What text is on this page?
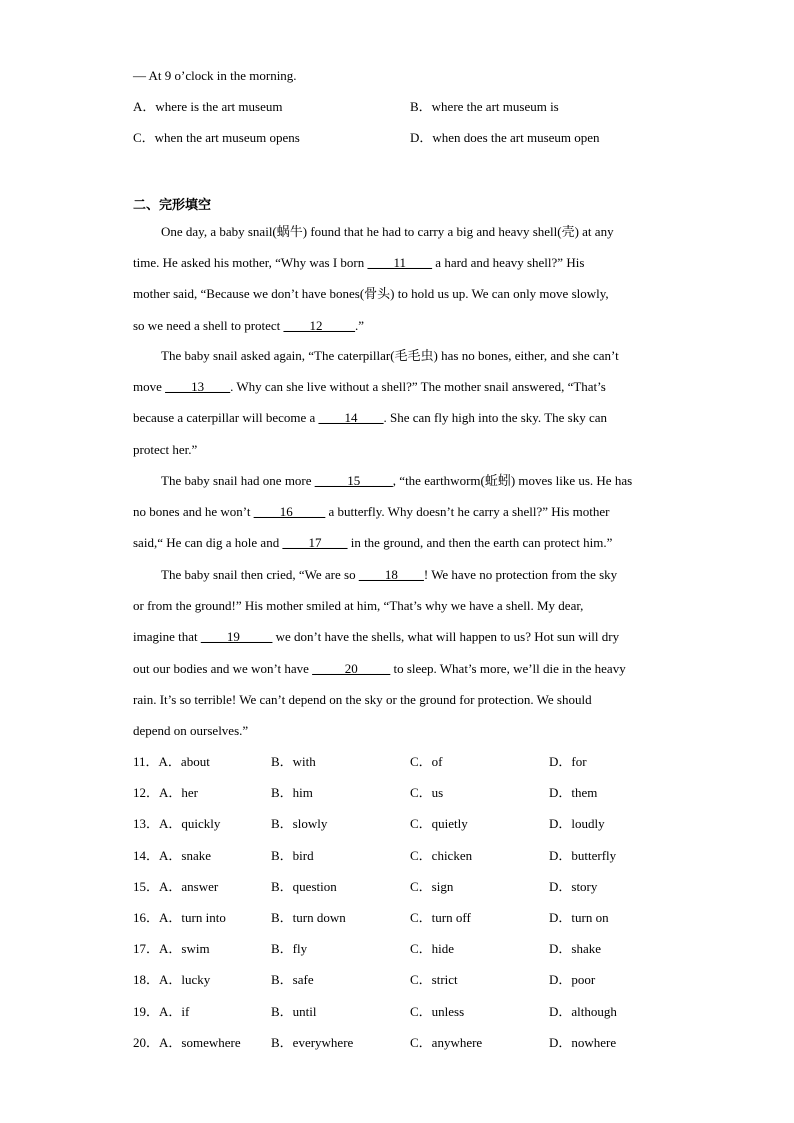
— At 9 o’clock in the morning.
A．where is the art museum	B．where the art museum is
C．when the art museum opens	D．when does the art museum open
二、完形填空
One day, a baby snail(蜗牛) found that he had to carry a big and heavy shell(壳) at any
time. He asked his mother, “Why was I born ____11____ a hard and heavy shell?” His
mother said, “Because we don’t have bones(骨头) to hold us up. We can only move slowly,
so we need a shell to protect ____12_____.”
The baby snail asked again, “The caterpillar(毛毛虫) has no bones, either, and she can’t
move ____13____. Why can she live without a shell?” The mother snail answered, “That’s
because a caterpillar will become a ____14____. She can fly high into the sky. The sky can
protect her.”
The baby snail had one more _____15_____, “the earthworm(蚯蚓) moves like us. He has
no bones and he won’t ____16_____ a butterfly. Why doesn’t he carry a shell?” His mother
said,“ He can dig a hole and ____17____ in the ground, and then the earth can protect him.”
The baby snail then cried, “We are so ____18____! We have no protection from the sky
or from the ground!” His mother smiled at him, “That’s why we have a shell. My dear,
imagine that ____19_____ we don’t have the shells, what will happen to us? Hot sun will dry
out our bodies and we won’t have _____20_____ to sleep. What’s more, we’ll die in the heavy
rain. It’s so terrible! We can’t depend on the sky or the ground for protection. We should
depend on ourselves.”
11．A．about	B．with	C．of	D．for
12．A．her	B．him	C．us	D．them
13．A．quickly	B．slowly	C．quietly	D．loudly
14．A．snake	B．bird	C．chicken	D．butterfly
15．A．answer	B．question	C．sign	D．story
16．A．turn into	B．turn down	C．turn off	D．turn on
17．A．swim	B．fly	C．hide	D．shake
18．A．lucky	B．safe	C．strict	D．poor
19．A．if	B．until	C．unless	D．although
20．A．somewhere B．everywhere	C．anywhere	D．nowhere
